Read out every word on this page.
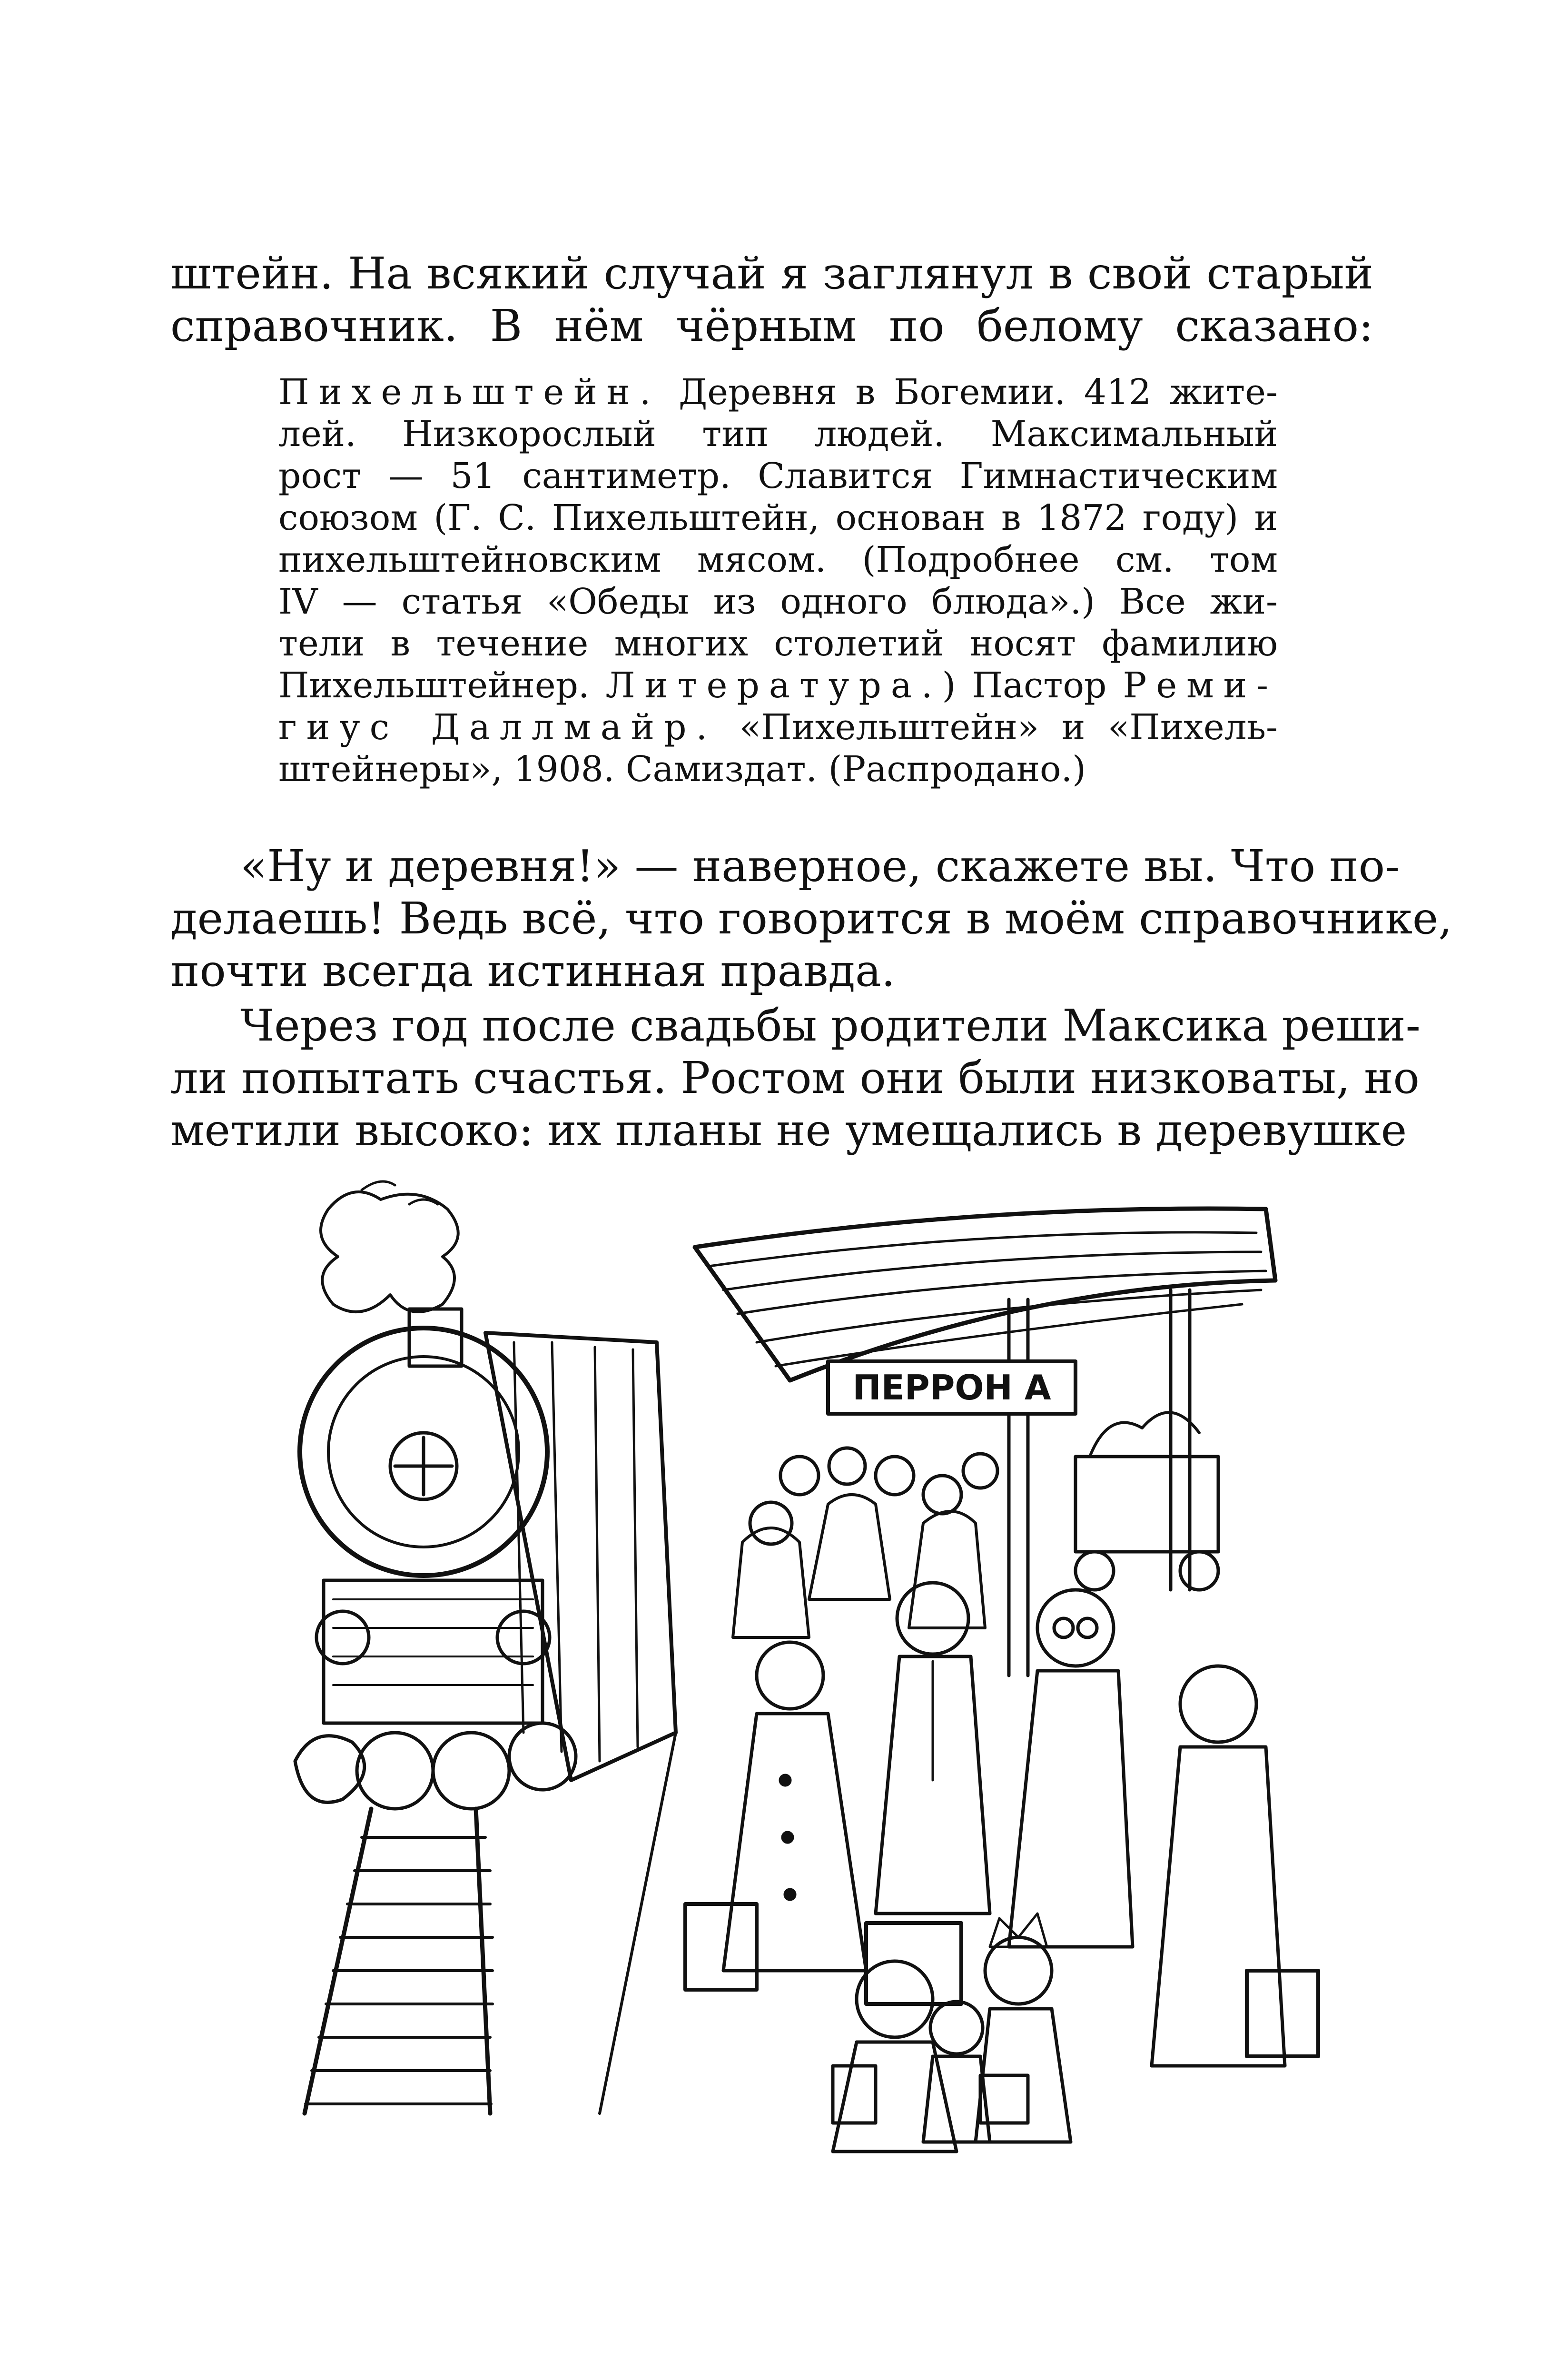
штейн. На всякий случай я заглянул в свой старый
справочник. В нём чёрным по белому сказано:
Пихельштейн. Деревня в Богемии. 412 жите-
лей. Низкорослый тип людей. Максимальный
рост — 51 сантиметр. Славится Гимнастическим
союзом (Г. С. Пихельштейн, основан в 1872 году) и
пихельштейновским мясом. (Подробнее см. том
IV — статья «Обеды из одного блюда».) Все жи-
тели в течение многих столетий носят фамилию
Пихельштейнер. Литература.) Пастор Реми-
гиус Даллмайр. «Пихельштейн» и «Пихель-
штейнеры», 1908. Самиздат. (Распродано.)
«Ну и деревня!» — наверное, скажете вы. Что по-
делаешь! Ведь всё, что говорится в моём справочнике,
почти всегда истинная правда.
Через год после свадьбы родители Максика реши-
ли попытать счастья. Ростом они были низковаты, но
метили высоко: их планы не умещались в деревушке
ПЕРРОН А
